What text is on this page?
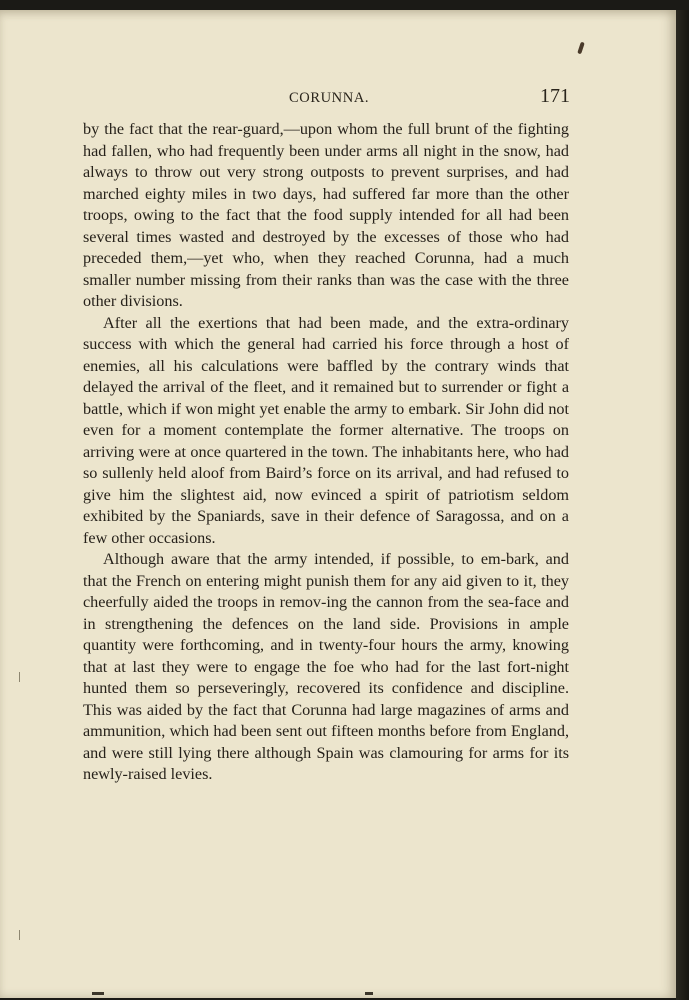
CORUNNA.	171

by the fact that the rear-guard,—upon whom the full brunt of the fighting had fallen, who had frequently been under arms all night in the snow, had always to throw out very strong outposts to prevent surprises, and had marched eighty miles in two days, had suffered far more than the other troops, owing to the fact that the food supply intended for all had been several times wasted and destroyed by the excesses of those who had preceded them,—yet who, when they reached Corunna, had a much smaller number missing from their ranks than was the case with the three other divisions.

After all the exertions that had been made, and the extra-ordinary success with which the general had carried his force through a host of enemies, all his calculations were baffled by the contrary winds that delayed the arrival of the fleet, and it remained but to surrender or fight a battle, which if won might yet enable the army to embark. Sir John did not even for a moment contemplate the former alternative. The troops on arriving were at once quartered in the town. The inhabitants here, who had so sullenly held aloof from Baird’s force on its arrival, and had refused to give him the slightest aid, now evinced a spirit of patriotism seldom exhibited by the Spaniards, save in their defence of Saragossa, and on a few other occasions.

Although aware that the army intended, if possible, to em-bark, and that the French on entering might punish them for any aid given to it, they cheerfully aided the troops in remov-ing the cannon from the sea-face and in strengthening the defences on the land side. Provisions in ample quantity were forthcoming, and in twenty-four hours the army, knowing that at last they were to engage the foe who had for the last fort-night hunted them so perseveringly, recovered its confidence and discipline. This was aided by the fact that Corunna had large magazines of arms and ammunition, which had been sent out fifteen months before from England, and were still lying there although Spain was clamouring for arms for its newly-raised levies.
